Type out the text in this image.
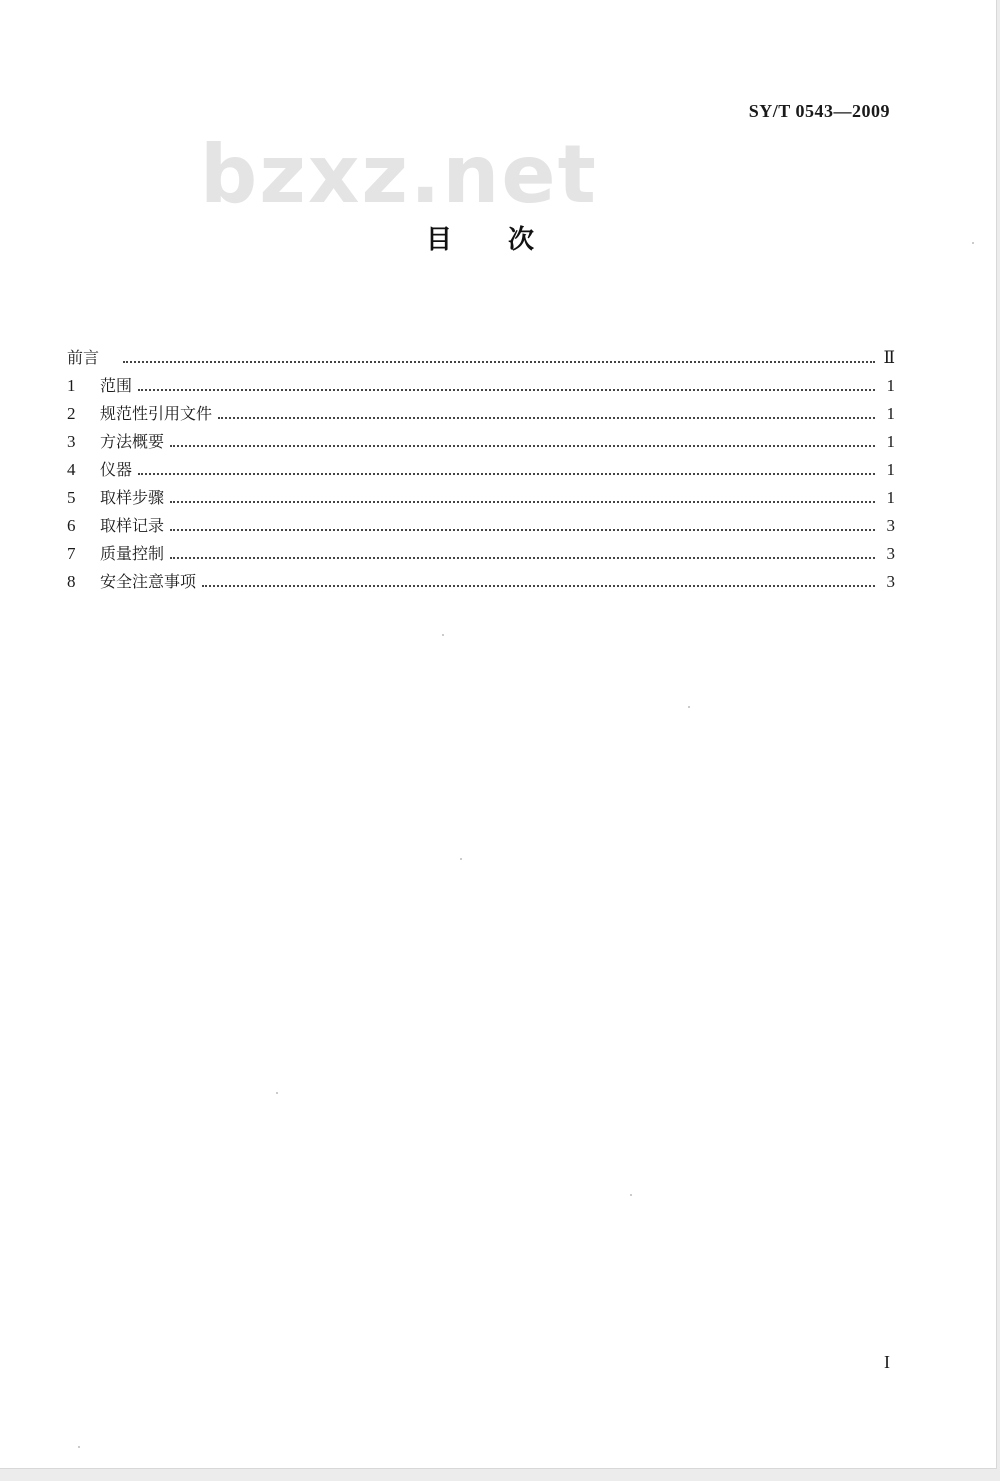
SY/T 0543—2009
bzxz.net
目次
前言	Ⅱ
1	范围	1
2	规范性引用文件	1
3	方法概要	1
4	仪器	1
5	取样步骤	1
6	取样记录	3
7	质量控制	3
8	安全注意事项	3
I
